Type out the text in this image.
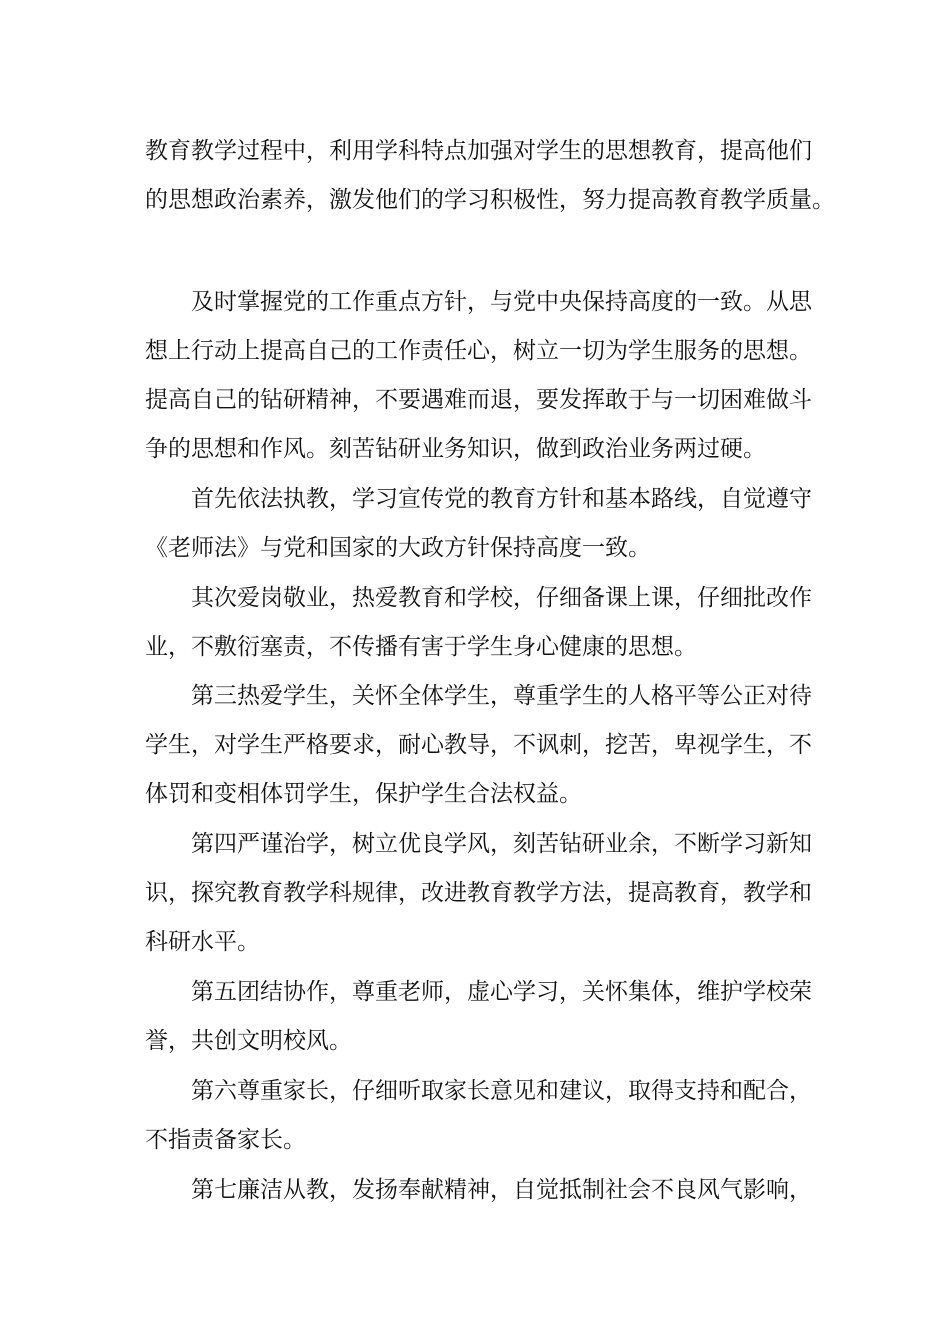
教育教学过程中，利用学科特点加强对学生的思想教育，提高他们
的思想政治素养，激发他们的学习积极性，努力提高教育教学质量。
及时掌握党的工作重点方针，与党中央保持高度的一致。从思
想上行动上提高自己的工作责任心，树立一切为学生服务的思想。
提高自己的钻研精神，不要遇难而退，要发挥敢于与一切困难做斗
争的思想和作风。刻苦钻研业务知识，做到政治业务两过硬。
首先依法执教，学习宣传党的教育方针和基本路线，自觉遵守
《老师法》与党和国家的大政方针保持高度一致。
其次爱岗敬业，热爱教育和学校，仔细备课上课，仔细批改作
业，不敷衍塞责，不传播有害于学生身心健康的思想。
第三热爱学生，关怀全体学生，尊重学生的人格平等公正对待
学生，对学生严格要求，耐心教导，不讽刺，挖苦，卑视学生，不
体罚和变相体罚学生，保护学生合法权益。
第四严谨治学，树立优良学风，刻苦钻研业余，不断学习新知
识，探究教育教学科规律，改进教育教学方法，提高教育，教学和
科研水平。
第五团结协作，尊重老师，虚心学习，关怀集体，维护学校荣
誉，共创文明校风。
第六尊重家长，仔细听取家长意见和建议，取得支持和配合，
不指责备家长。
第七廉洁从教，发扬奉献精神，自觉抵制社会不良风气影响，
